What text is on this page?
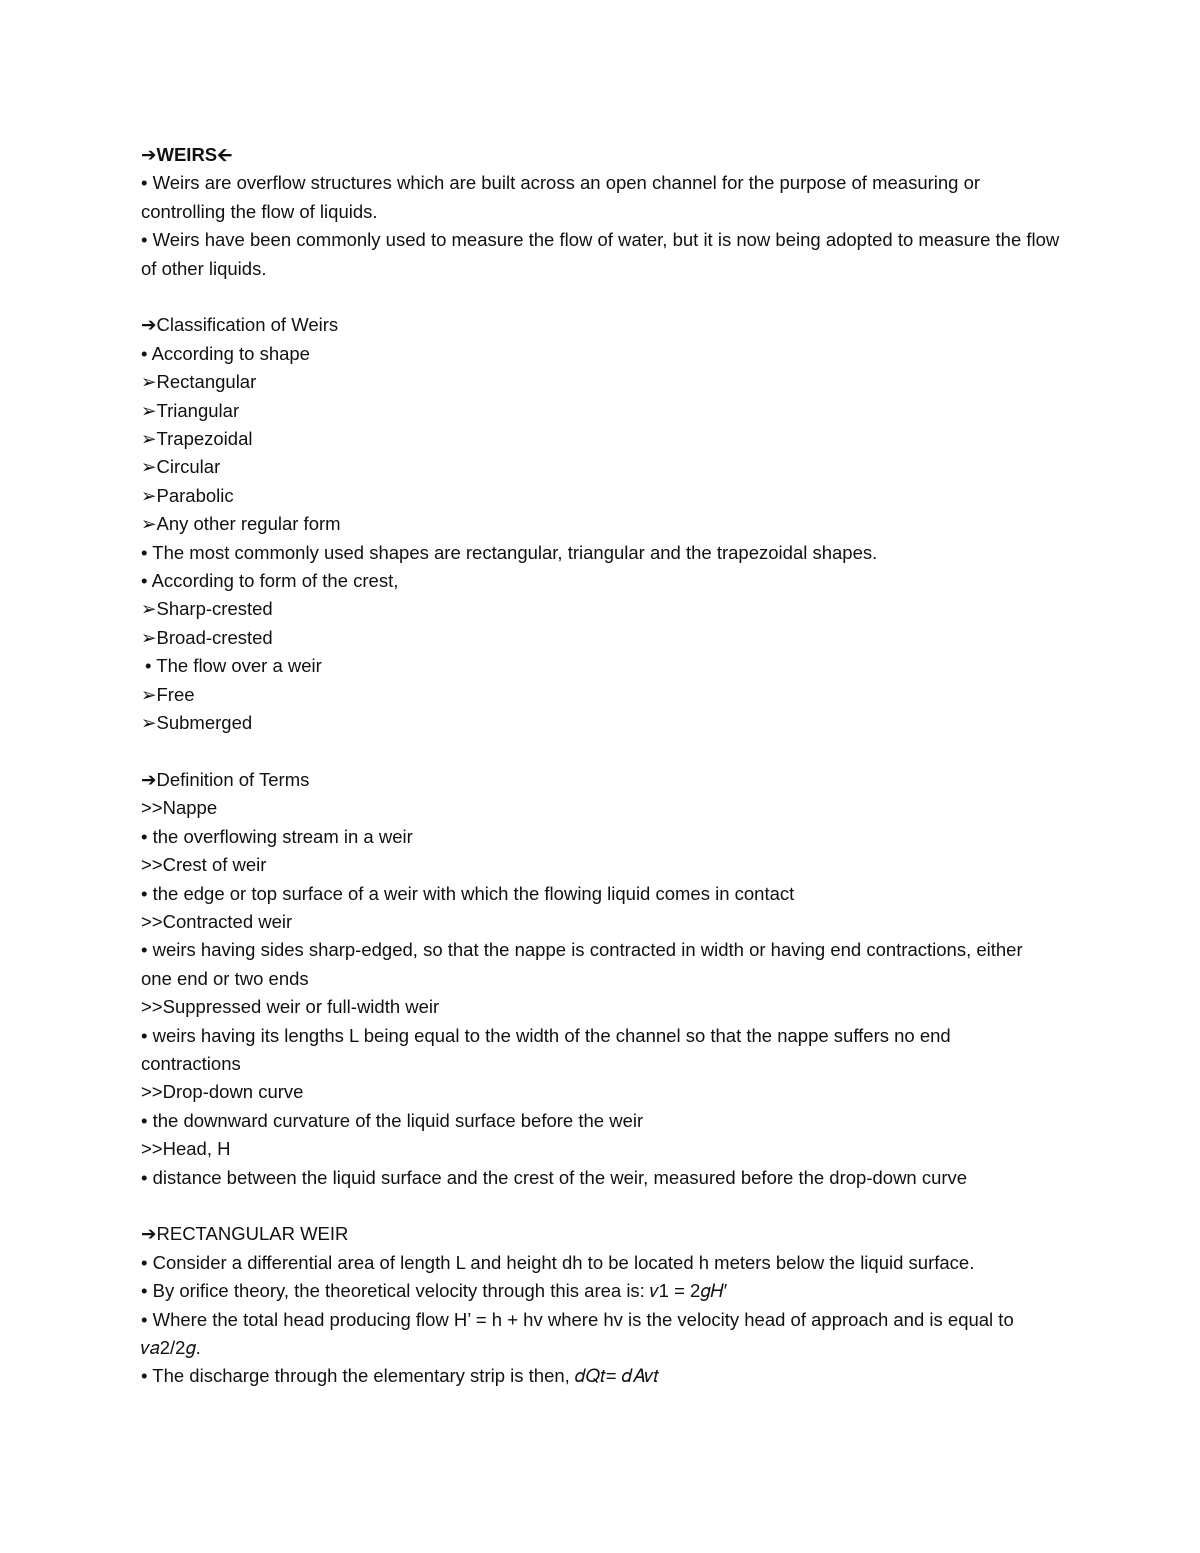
➔WEIRS🡨

• Weirs are overflow structures which are built across an open channel for the purpose of measuring or controlling the flow of liquids.

• Weirs have been commonly used to measure the flow of water, but it is now being adopted to measure the flow of other liquids.

➔Classification of Weirs

• According to shape

➢Rectangular

➢Triangular

➢Trapezoidal

➢Circular

➢Parabolic

➢Any other regular form

• The most commonly used shapes are rectangular, triangular and the trapezoidal shapes.

• According to form of the crest,

➢Sharp-crested

➢Broad-crested

• The flow over a weir

➢Free

➢Submerged

➔Definition of Terms

>>Nappe

• the overflowing stream in a weir

>>Crest of weir

• the edge or top surface of a weir with which the flowing liquid comes in contact

>>Contracted weir

• weirs having sides sharp-edged, so that the nappe is contracted in width or having end contractions, either one end or two ends

>>Suppressed weir or full-width weir

• weirs having its lengths L being equal to the width of the channel so that the nappe suffers no end contractions

>>Drop-down curve

• the downward curvature of the liquid surface before the weir

>>Head, H

• distance between the liquid surface and the crest of the weir, measured before the drop-down curve

➔RECTANGULAR WEIR

• Consider a differential area of length L and height dh to be located h meters below the liquid surface.

• By orifice theory, the theoretical velocity through this area is: 𝑣1 = 2𝑔𝐻′

• Where the total head producing flow H’ = h + hv where hv is the velocity head of approach and is equal to 𝑣𝑎2/2𝑔.

• The discharge through the elementary strip is then, 𝑑𝑄𝑡= 𝑑𝐴𝑣𝑡
